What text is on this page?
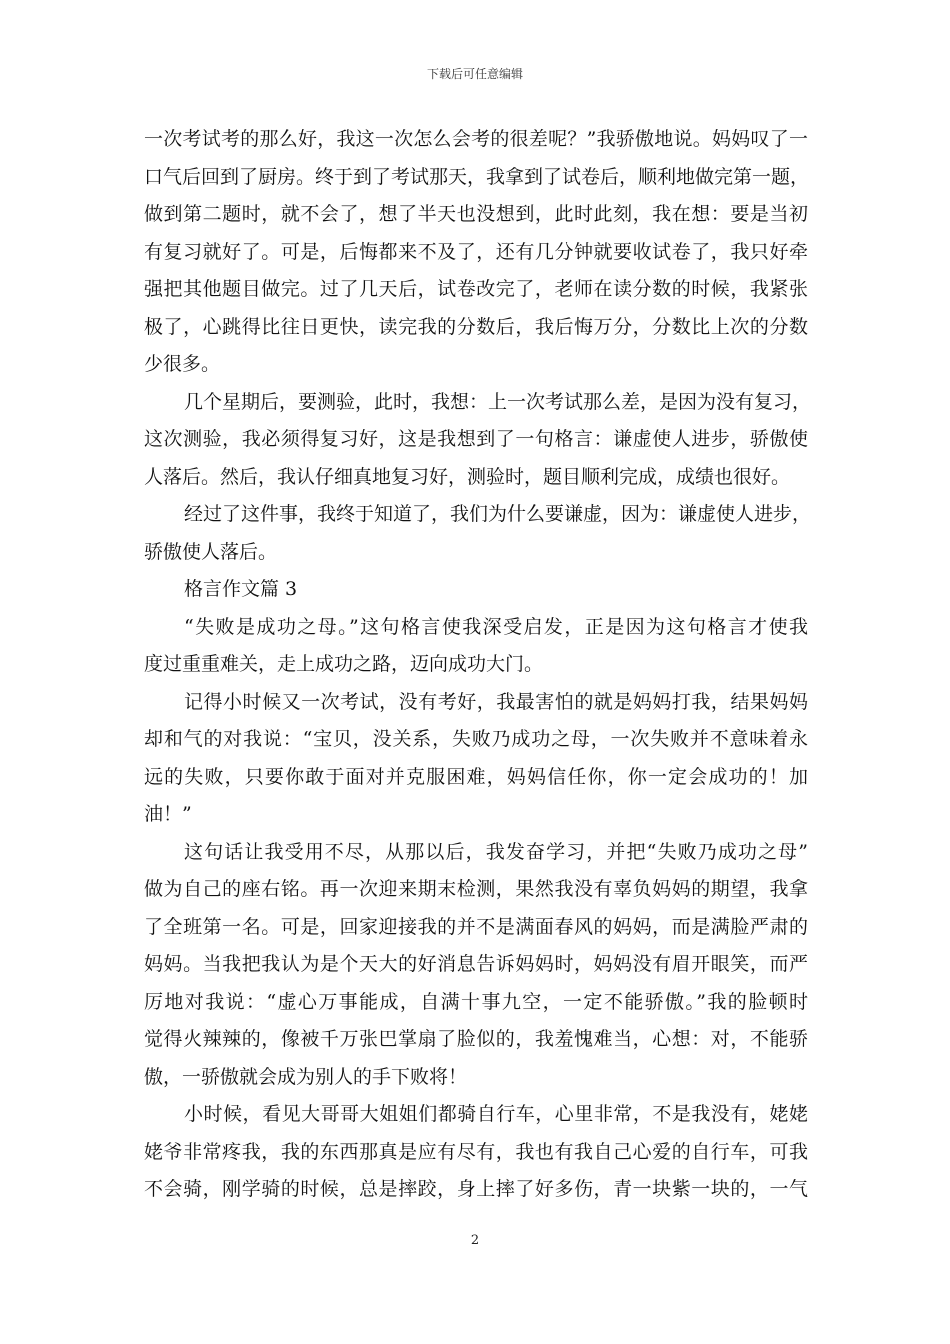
下载后可任意编辑
一次考试考的那么好，我这一次怎么会考的很差呢？”我骄傲地说。妈妈叹了一
口气后回到了厨房。终于到了考试那天，我拿到了试卷后，顺利地做完第一题，
做到第二题时，就不会了，想了半天也没想到，此时此刻，我在想：要是当初
有复习就好了。可是，后悔都来不及了，还有几分钟就要收试卷了，我只好牵
强把其他题目做完。过了几天后，试卷改完了，老师在读分数的时候，我紧张
极了，心跳得比往日更快，读完我的分数后，我后悔万分，分数比上次的分数
少很多。
几个星期后，要测验，此时，我想：上一次考试那么差，是因为没有复习，
这次测验，我必须得复习好，这是我想到了一句格言：谦虚使人进步，骄傲使
人落后。然后，我认仔细真地复习好，测验时，题目顺利完成，成绩也很好。
经过了这件事，我终于知道了，我们为什么要谦虚，因为：谦虚使人进步，
骄傲使人落后。
格言作文篇 3
“失败是成功之母。”这句格言使我深受启发，正是因为这句格言才使我
度过重重难关，走上成功之路，迈向成功大门。
记得小时候又一次考试，没有考好，我最害怕的就是妈妈打我，结果妈妈
却和气的对我说：“宝贝，没关系，失败乃成功之母，一次失败并不意味着永
远的失败，只要你敢于面对并克服困难，妈妈信任你，你一定会成功的！加
油！”
这句话让我受用不尽，从那以后，我发奋学习，并把“失败乃成功之母”
做为自己的座右铭。再一次迎来期末检测，果然我没有辜负妈妈的期望，我拿
了全班第一名。可是，回家迎接我的并不是满面春风的妈妈，而是满脸严肃的
妈妈。当我把我认为是个天大的好消息告诉妈妈时，妈妈没有眉开眼笑，而严
厉地对我说：“虚心万事能成，自满十事九空，一定不能骄傲。”我的脸顿时
觉得火辣辣的，像被千万张巴掌扇了脸似的，我羞愧难当，心想：对，不能骄
傲，一骄傲就会成为别人的手下败将！
小时候，看见大哥哥大姐姐们都骑自行车，心里非常，不是我没有，姥姥
姥爷非常疼我，我的东西那真是应有尽有，我也有我自己心爱的自行车，可我
不会骑，刚学骑的时候，总是摔跤，身上摔了好多伤，青一块紫一块的，一气
2
